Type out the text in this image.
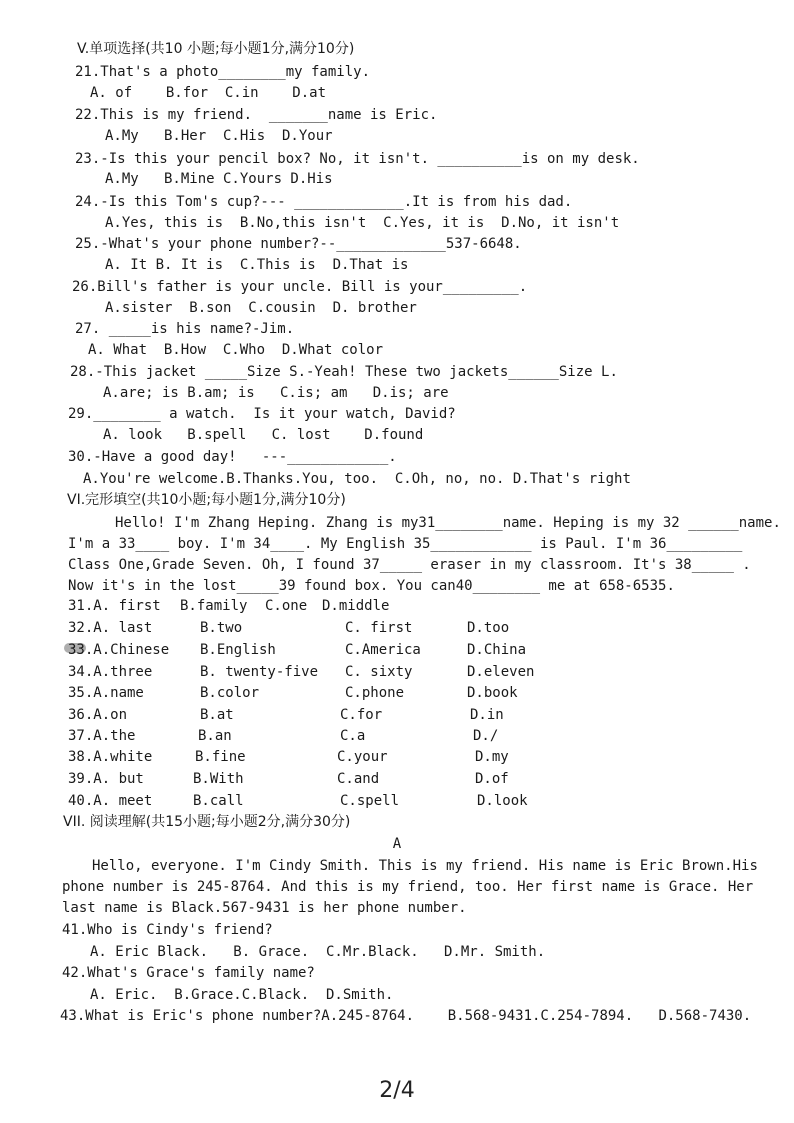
V.单项选择(共10 小题;每小题1分,满分10分)
21.That's a photo________my family.
A. of    B.for  C.in    D.at
22.This is my friend.  _______name is Eric.
A.My   B.Her  C.His  D.Your
23.-Is this your pencil box? No, it isn't. __________is on my desk.
A.My   B.Mine C.Yours D.His
24.-Is this Tom's cup?--- _____________.It is from his dad.
A.Yes, this is  B.No,this isn't  C.Yes, it is  D.No, it isn't
25.-What's your phone number?--_____________537-6648.
A. It B. It is  C.This is  D.That is
26.Bill's father is your uncle. Bill is your_________.
A.sister  B.son  C.cousin  D. brother
27. _____is his name?-Jim.
A. What  B.How  C.Who  D.What color
28.-This jacket _____Size S.-Yeah! These two jackets______Size L.
A.are; is B.am; is   C.is; am   D.is; are
29.________ a watch.  Is it your watch, David?
A. look   B.spell   C. lost    D.found
30.-Have a good day!   ---____________.
A.You're welcome.B.Thanks.You, too.  C.Oh, no, no. D.That's right
VI.完形填空(共10小题;每小题1分,满分10分)
Hello! I'm Zhang Heping. Zhang is my31________name. Heping is my 32 ______name.
I'm a 33____ boy. I'm 34____. My English 35____________ is Paul. I'm 36_________
Class One,Grade Seven. Oh, I found 37_____ eraser in my classroom. It's 38_____ .
Now it's in the lost_____39 found box. You can40________ me at 658-6535.
31.A. first B.family C.one D.middle
32.A. last	B.two	C. first	D.too
33.A.Chinese B.English	C.America	D.China
34.A.three	B. twenty-five C. sixty	D.eleven
35.A.name	B.color	C.phone	D.book
36.A.on	B.at	C.for	D.in
37.A.the	B.an	C.a	D./
38.A.white	B.fine	C.your	D.my
39.A. but	B.With	C.and	D.of
40.A. meet	B.call	C.spell	D.look
VII. 阅读理解(共15小题;每小题2分,满分30分)
A
Hello, everyone. I'm Cindy Smith. This is my friend. His name is Eric Brown.His
phone number is 245-8764. And this is my friend, too. Her first name is Grace. Her
last name is Black.567-9431 is her phone number.
41.Who is Cindy's friend?
A. Eric Black.   B. Grace.  C.Mr.Black.   D.Mr. Smith.
42.What's Grace's family name?
A. Eric.  B.Grace.C.Black.  D.Smith.
43.What is Eric's phone number?A.245-8764.    B.568-9431.C.254-7894.   D.568-7430.
2/4
